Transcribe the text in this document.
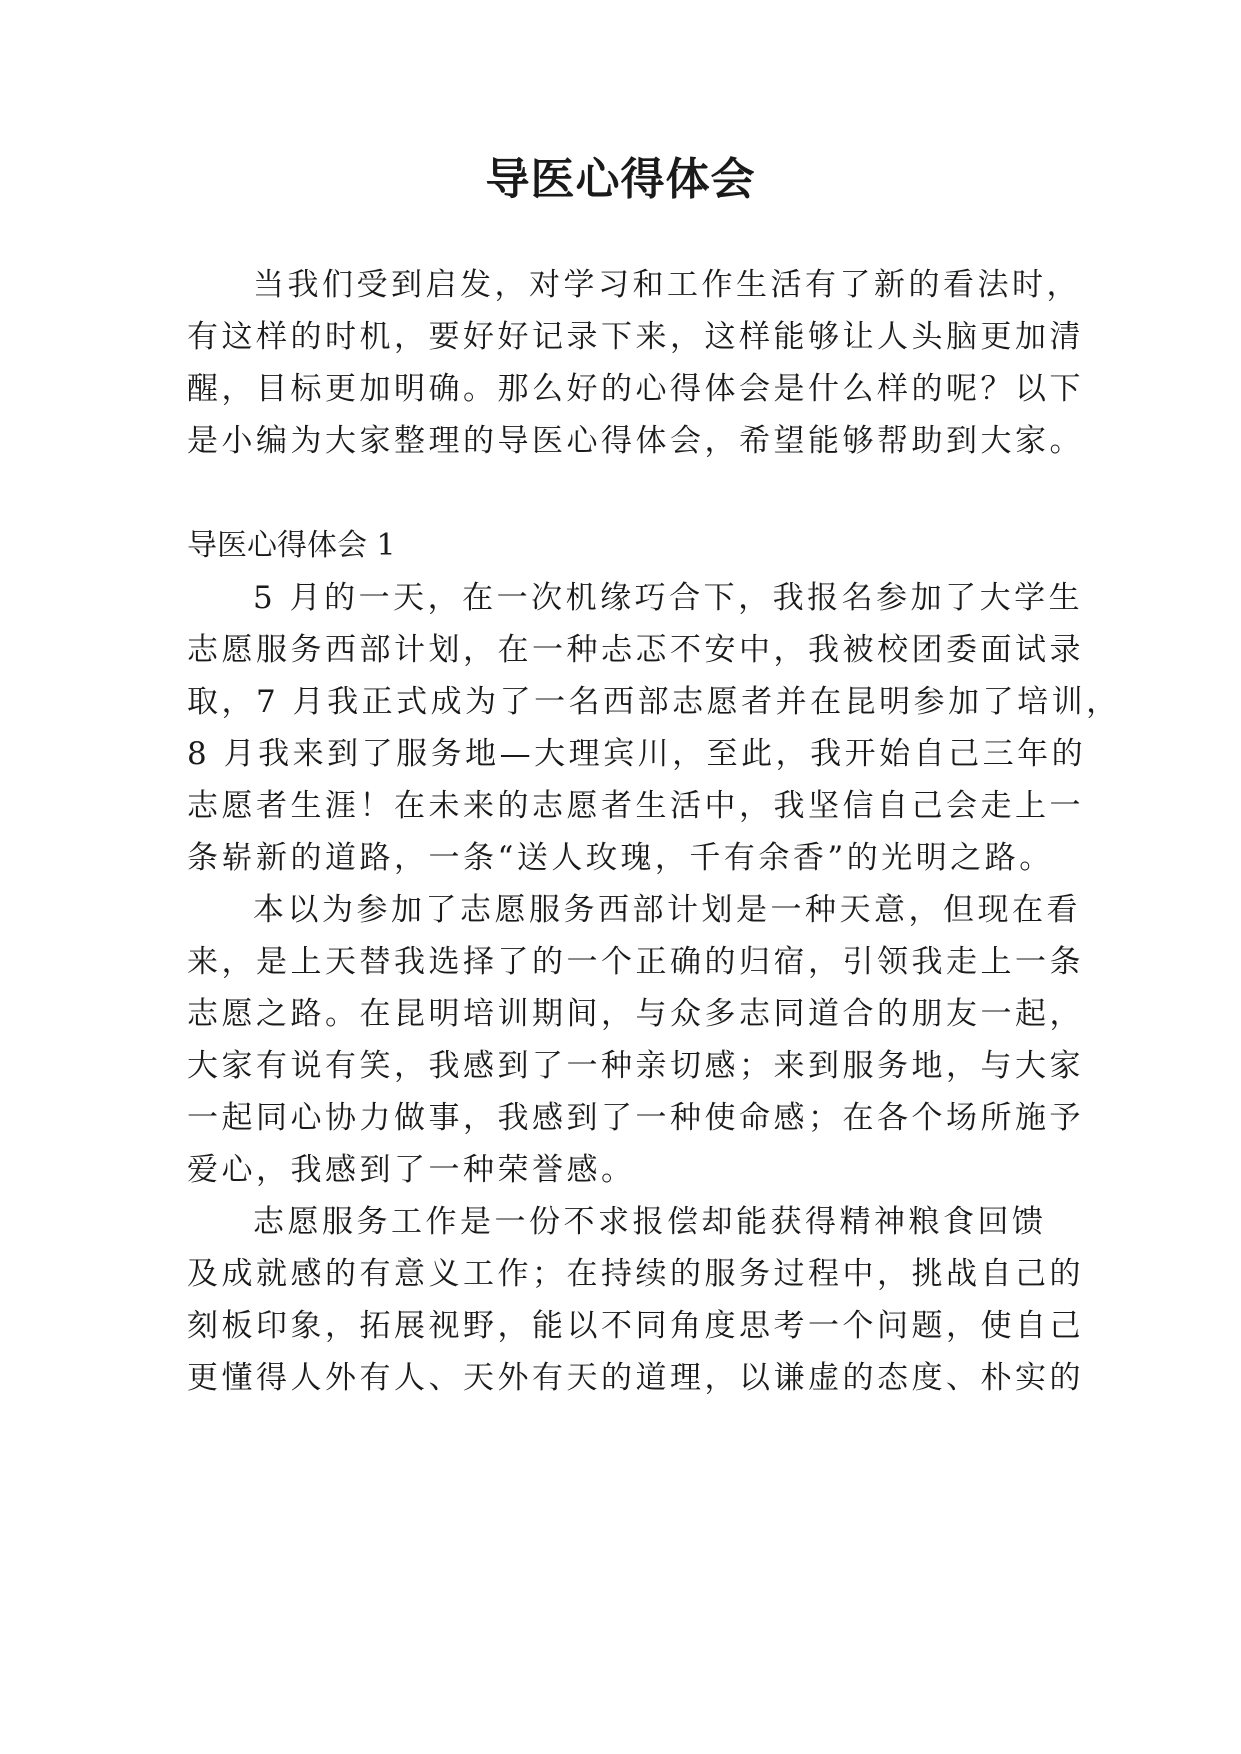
导医心得体会
当我们受到启发，对学习和工作生活有了新的看法时，
有这样的时机，要好好记录下来，这样能够让人头脑更加清
醒，目标更加明确。那么好的心得体会是什么样的呢？以下
是小编为大家整理的导医心得体会，希望能够帮助到大家。
导医心得体会 1
5 月的一天，在一次机缘巧合下，我报名参加了大学生
志愿服务西部计划，在一种忐忑不安中，我被校团委面试录
取，7 月我正式成为了一名西部志愿者并在昆明参加了培训，
8 月我来到了服务地—大理宾川，至此，我开始自己三年的
志愿者生涯！在未来的志愿者生活中，我坚信自己会走上一
条崭新的道路，一条“送人玫瑰，千有余香”的光明之路。
本以为参加了志愿服务西部计划是一种天意，但现在看
来，是上天替我选择了的一个正确的归宿，引领我走上一条
志愿之路。在昆明培训期间，与众多志同道合的朋友一起，
大家有说有笑，我感到了一种亲切感；来到服务地，与大家
一起同心协力做事，我感到了一种使命感；在各个场所施予
爱心，我感到了一种荣誉感。
志愿服务工作是一份不求报偿却能获得精神粮食回馈
及成就感的有意义工作；在持续的服务过程中，挑战自己的
刻板印象，拓展视野，能以不同角度思考一个问题，使自己
更懂得人外有人、天外有天的道理，以谦虚的态度、朴实的
